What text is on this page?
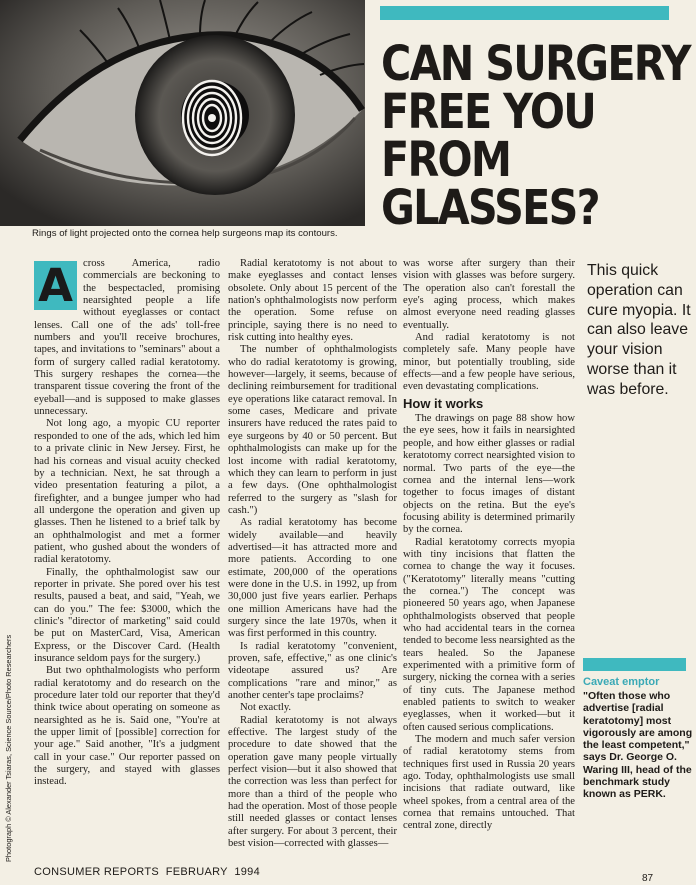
Rings of light projected onto the cornea help surgeons map its contours.
CAN SURGERY
FREE YOU
FROM
GLASSES?
A cross America, radio commercials are beckoning to the bespectacled, promising nearsighted people a life without eyeglasses or contact lenses. Call one of the ads' toll-free numbers and you'll receive brochures, tapes, and invitations to "seminars" about a form of surgery called radial keratotomy. This surgery reshapes the cornea—the transparent tissue covering the front of the eyeball—and is supposed to make glasses unnecessary.

Not long ago, a myopic CU reporter responded to one of the ads, which led him to a private clinic in New Jersey. First, he had his corneas and visual acuity checked by a technician. Next, he sat through a video presentation featuring a pilot, a firefighter, and a bungee jumper who had all undergone the operation and given up glasses. Then he listened to a brief talk by an ophthalmologist and met a former patient, who gushed about the wonders of radial keratotomy.

Finally, the ophthalmologist saw our reporter in private. She pored over his test results, paused a beat, and said, "Yeah, we can do you." The fee: $3000, which the clinic's "director of marketing" said could be put on MasterCard, Visa, American Express, or the Discover Card. (Health insurance seldom pays for the surgery.)

But two ophthalmologists who perform radial keratotomy and do research on the procedure later told our reporter that they'd think twice about operating on someone as nearsighted as he is. Said one, "You're at the upper limit of [possible] correction for your age." Said another, "It's a judgment call in your case." Our reporter passed on the surgery, and stayed with glasses instead.

Radial keratotomy is not about to make eyeglasses and contact lenses obsolete. Only about 15 percent of the nation's ophthalmologists now perform the operation. Some refuse on principle, saying there is no need to risk cutting into healthy eyes.

The number of ophthalmologists who do radial keratotomy is growing, however—largely, it seems, because of declining reimbursement for traditional eye operations like cataract removal. In some cases, Medicare and private insurers have reduced the rates paid to eye surgeons by 40 or 50 percent. But ophthalmologists can make up for the lost income with radial keratotomy, which they can learn to perform in just a few days. (One ophthalmologist referred to the surgery as "slash for cash.")

As radial keratotomy has become widely available—and heavily advertised—it has attracted more and more patients. According to one estimate, 200,000 of the operations were done in the U.S. in 1992, up from 30,000 just five years earlier. Perhaps one million Americans have had the surgery since the late 1970s, when it was first performed in this country.

Is radial keratotomy "convenient, proven, safe, effective," as one clinic's videotape assured us? Are complications "rare and minor," as another center's tape proclaims?

Not exactly.

Radial keratotomy is not always effective. The largest study of the procedure to date showed that the operation gave many people virtually perfect vision—but it also showed that the correction was less than perfect for more than a third of the people who had the operation. Most of those people still needed glasses or contact lenses after surgery. For about 3 percent, their best vision—corrected with glasses—

was worse after surgery than their vision with glasses was before surgery. The operation also can't forestall the eye's aging process, which makes almost everyone need reading glasses eventually.

And radial keratotomy is not completely safe. Many people have minor, but potentially troubling, side effects—and a few people have serious, even devastating complications.

How it works

The drawings on page 88 show how the eye sees, how it fails in nearsighted people, and how either glasses or radial keratotomy correct nearsighted vision to normal. Two parts of the eye—the cornea and the internal lens—work together to focus images of distant objects on the retina. But the eye's focusing ability is determined primarily by the cornea.

Radial keratotomy corrects myopia with tiny incisions that flatten the cornea to change the way it focuses. ("Keratotomy" literally means "cutting the cornea.") The concept was pioneered 50 years ago, when Japanese ophthalmologists observed that people who had accidental tears in the cornea tended to become less nearsighted as the tears healed. So the Japanese experimented with a primitive form of surgery, nicking the cornea with a series of tiny cuts. The Japanese method enabled patients to switch to weaker eyeglasses, when it worked—but it often caused serious complications.

The modern and much safer version of radial keratotomy stems from techniques first used in Russia 20 years ago. Today, ophthalmologists use small incisions that radiate outward, like wheel spokes, from a central area of the cornea that remains untouched. That central zone, directly

This quick operation can cure myopia. It can also leave your vision worse than it was before.
Caveat emptor
"Often those who advertise [radial keratotomy] most vigorously are among the least competent," says Dr. George O. Waring III, head of the benchmark study known as PERK.
Photograph © Alexander Tsiaras, Science Source/Photo Researchers
CONSUMER REPORTS  FEBRUARY  1994
87
